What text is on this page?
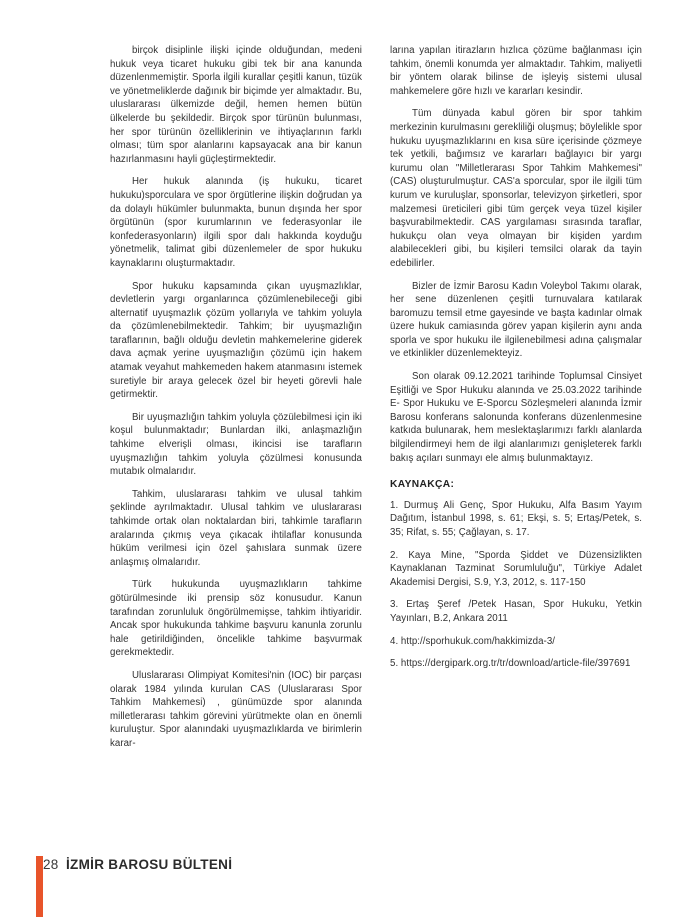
birçok disiplinle ilişki içinde olduğundan, medeni hukuk veya ticaret hukuku gibi tek bir ana kanunda düzenlenmemiştir. Sporla ilgili kurallar çeşitli kanun, tüzük ve yönetmeliklerde dağınık bir biçimde yer almaktadır. Bu, uluslararası ülkemizde değil, hemen hemen bütün ülkelerde bu şekildedir. Birçok spor türünün bulunması, her spor türünün özelliklerinin ve ihtiyaçlarının farklı olması; tüm spor alanlarını kapsayacak ana bir kanun hazırlanmasını hayli güçleştirmektedir.

Her hukuk alanında (iş hukuku, ticaret hukuku)sporculara ve spor örgütlerine ilişkin doğrudan ya da dolaylı hükümler bulunmakta, bunun dışında her spor örgütünün (spor kurumlarının ve federasyonlar ile konfederasyonların) ilgili spor dalı hakkında koyduğu yönetmelik, talimat gibi düzenlemeler de spor hukuku kaynaklarını oluşturmaktadır.

Spor hukuku kapsamında çıkan uyuşmazlıklar, devletlerin yargı organlarınca çözümlenebileceği gibi alternatif uyuşmazlık çözüm yollarıyla ve tahkim yoluyla da çözümlenebilmektedir. Tahkim; bir uyuşmazlığın taraflarının, bağlı olduğu devletin mahkemelerine giderek dava açmak yerine uyuşmazlığın çözümü için hakem atamak veyahut mahkemeden hakem atanmasını istemek suretiyle bir araya gelecek özel bir heyeti görevli hale getirmektir.

Bir uyuşmazlığın tahkim yoluyla çözülebilmesi için iki koşul bulunmaktadır; Bunlardan ilki, anlaşmazlığın tahkime elverişli olması, ikincisi ise tarafların uyuşmazlığın tahkim yoluyla çözülmesi konusunda mutabık olmalarıdır.

Tahkim, uluslararası tahkim ve ulusal tahkim şeklinde ayrılmaktadır. Ulusal tahkim ve uluslararası tahkimde ortak olan noktalardan biri, tahkimle tarafların aralarında çıkmış veya çıkacak ihtilaflar konusunda hüküm verilmesi için özel şahıslara sunmak üzere anlaşmış olmalarıdır.

Türk hukukunda uyuşmazlıkların tahkime götürülmesinde iki prensip söz konusudur. Kanun tarafından zorunluluk öngörülmemişse, tahkim ihtiyaridir. Ancak spor hukukunda tahkime başvuru kanunla zorunlu hale getirildiğinden, öncelikle tahkime başvurmak gerekmektedir.

Uluslararası Olimpiyat Komitesi'nin (IOC) bir parçası olarak 1984 yılında kurulan CAS (Uluslararası Spor Tahkim Mahkemesi) , günümüzde spor alanında milletlerarası tahkim görevini yürütmekte olan en önemli kuruluştur. Spor alanındaki uyuşmazlıklarda ve birimlerin karar-

larına yapılan itirazların hızlıca çözüme bağlanması için tahkim, önemli konumda yer almaktadır. Tahkim, maliyetli bir yöntem olarak bilinse de işleyiş sistemi ulusal mahkemelere göre hızlı ve kararları kesindir.

Tüm dünyada kabul gören bir spor tahkim merkezinin kurulmasını gerekliliği oluşmuş; böylelikle spor hukuku uyuşmazlıklarını en kısa süre içerisinde çözmeye tek yetkili, bağımsız ve kararları bağlayıcı bir yargı kurumu olan "Milletlerarası Spor Tahkim Mahkemesi" (CAS) oluşturulmuştur. CAS'a sporcular, spor ile ilgili tüm kurum ve kuruluşlar, sponsorlar, televizyon şirketleri, spor malzemesi üreticileri gibi tüm gerçek veya tüzel kişiler başvurabilmektedir. CAS yargılaması sırasında taraflar, hukukçu olan veya olmayan bir kişiden yardım alabilecekleri gibi, bu kişileri temsilci olarak da tayin edebilirler.

Bizler de İzmir Barosu Kadın Voleybol Takımı olarak, her sene düzenlenen çeşitli turnuvalara katılarak baromuzu temsil etme gayesinde ve başta kadınlar olmak üzere hukuk camiasında görev yapan kişilerin aynı anda sporla ve spor hukuku ile ilgilenebilmesi adına çalışmalar ve etkinlikler düzenlemekteyiz.

Son olarak 09.12.2021 tarihinde Toplumsal Cinsiyet Eşitliği ve Spor Hukuku alanında ve 25.03.2022 tarihinde E- Spor Hukuku ve E-Sporcu Sözleşmeleri alanında İzmir Barosu konferans salonunda konferans düzenlenmesine katkıda bulunarak, hem meslektaşlarımızı farklı alanlarda bilgilendirmeyi hem de ilgi alanlarımızı genişleterek farklı bakış açıları sunmayı ele almış bulunmaktayız.

KAYNAKÇA:

1. Durmuş Ali Genç, Spor Hukuku, Alfa Basım Yayım Dağıtım, İstanbul 1998, s. 61; Ekşi, s. 5; Ertaş/Petek, s. 35; Rifat, s. 55; Çağlayan, s. 17.

2. Kaya Mine, "Sporda Şiddet ve Düzensizlikten Kaynaklanan Tazminat Sorumluluğu", Türkiye Adalet Akademisi Dergisi, S.9, Y.3, 2012, s. 117-150

3. Ertaş Şeref /Petek Hasan, Spor Hukuku, Yetkin Yayınları, B.2, Ankara 2011

4. http://sporhukuk.com/hakkimizda-3/

5. https://dergipark.org.tr/tr/download/article-file/397691

28 İZMİR BAROSU BÜLTENİ
